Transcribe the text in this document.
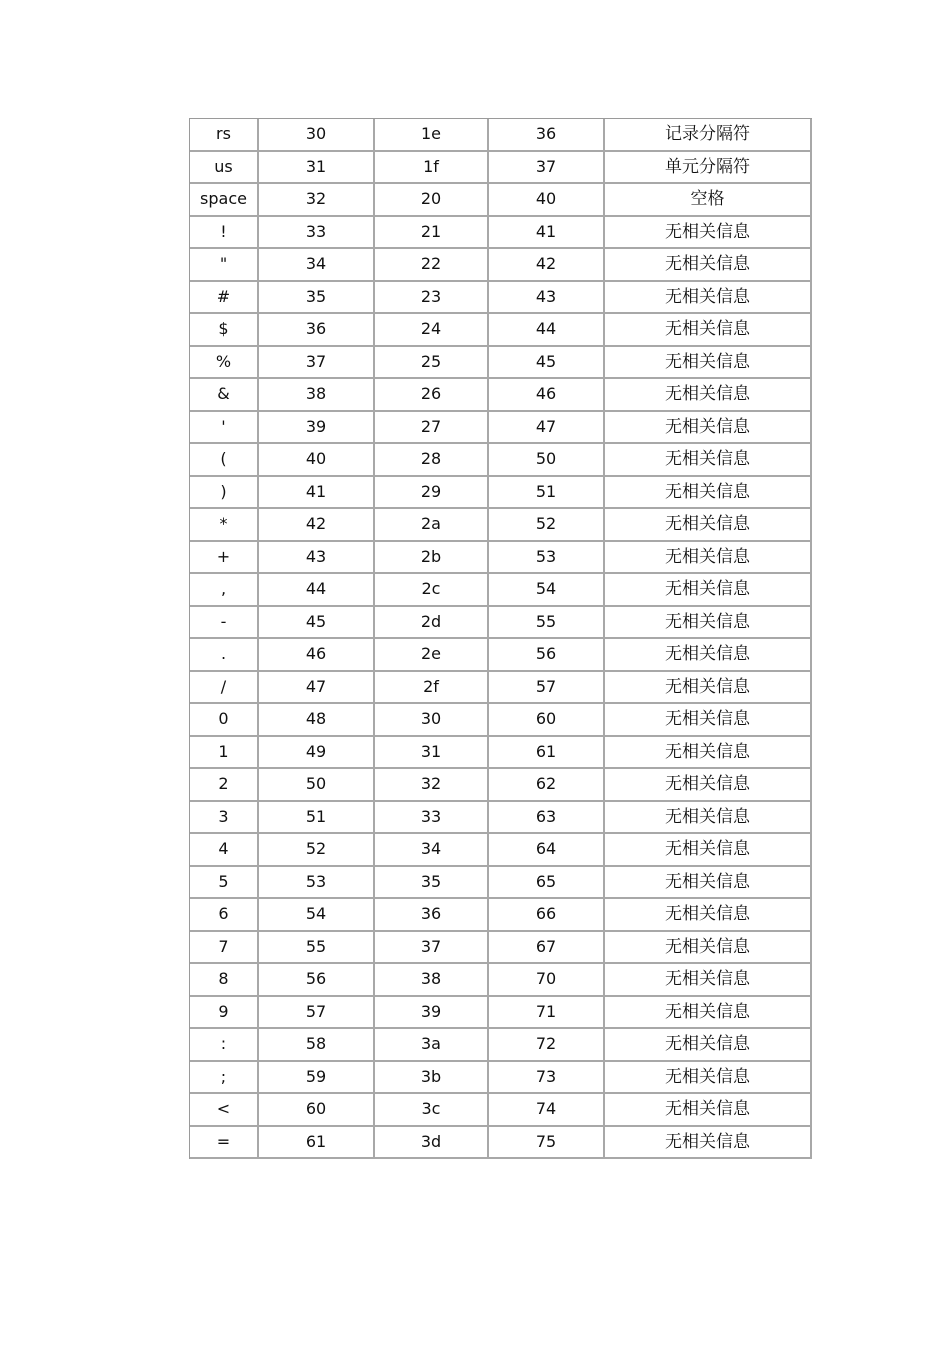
rs	30	1e	36	记录分隔符
us	31	1f	37	单元分隔符
space	32	20	40	空格
!	33	21	41	无相关信息
"	34	22	42	无相关信息
#	35	23	43	无相关信息
$	36	24	44	无相关信息
%	37	25	45	无相关信息
&	38	26	46	无相关信息
'	39	27	47	无相关信息
(	40	28	50	无相关信息
)	41	29	51	无相关信息
*	42	2a	52	无相关信息
+	43	2b	53	无相关信息
,	44	2c	54	无相关信息
-	45	2d	55	无相关信息
.	46	2e	56	无相关信息
/	47	2f	57	无相关信息
0	48	30	60	无相关信息
1	49	31	61	无相关信息
2	50	32	62	无相关信息
3	51	33	63	无相关信息
4	52	34	64	无相关信息
5	53	35	65	无相关信息
6	54	36	66	无相关信息
7	55	37	67	无相关信息
8	56	38	70	无相关信息
9	57	39	71	无相关信息
:	58	3a	72	无相关信息
;	59	3b	73	无相关信息
<	60	3c	74	无相关信息
=	61	3d	75	无相关信息
